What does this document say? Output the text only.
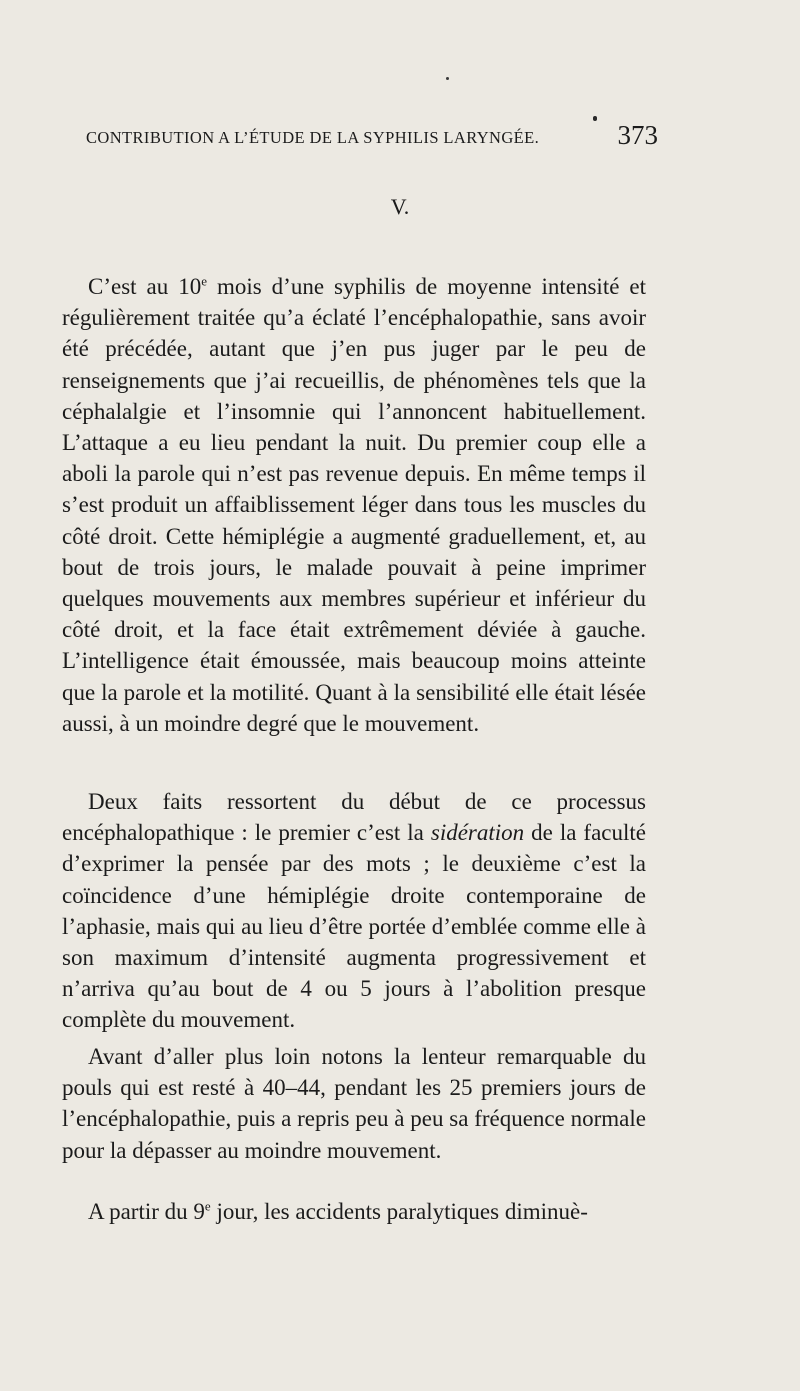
CONTRIBUTION A L’ÉTUDE DE LA SYPHILIS LARYNGÉE.	373
V.

C’est au 10e mois d’une syphilis de moyenne intensité et régulièrement traitée qu’a éclaté l’encéphalopathie, sans avoir été précédée, autant que j’en pus juger par le peu de renseignements que j’ai recueillis, de phénomènes tels que la céphalalgie et l’insomnie qui l’annoncent habituellement. L’attaque a eu lieu pendant la nuit. Du premier coup elle a aboli la parole qui n’est pas revenue depuis. En même temps il s’est produit un affaiblissement léger dans tous les muscles du côté droit. Cette hémiplégie a augmenté graduellement, et, au bout de trois jours, le malade pouvait à peine imprimer quelques mouvements aux membres supérieur et inférieur du côté droit, et la face était extrêmement déviée à gauche. L’intelligence était émoussée, mais beaucoup moins atteinte que la parole et la motilité. Quant à la sensibilité elle était lésée aussi, à un moindre degré que le mouvement.

Deux faits ressortent du début de ce processus encéphalopathique : le premier c’est la sidération de la faculté d’exprimer la pensée par des mots ; le deuxième c’est la coïncidence d’une hémiplégie droite contemporaine de l’aphasie, mais qui au lieu d’être portée d’emblée comme elle à son maximum d’intensité augmenta progressivement et n’arriva qu’au bout de 4 ou 5 jours à l’abolition presque complète du mouvement.

Avant d’aller plus loin notons la lenteur remarquable du pouls qui est resté à 40–44, pendant les 25 premiers jours de l’encéphalopathie, puis a repris peu à peu sa fréquence normale pour la dépasser au moindre mouvement.

A partir du 9e jour, les accidents paralytiques diminuè-
